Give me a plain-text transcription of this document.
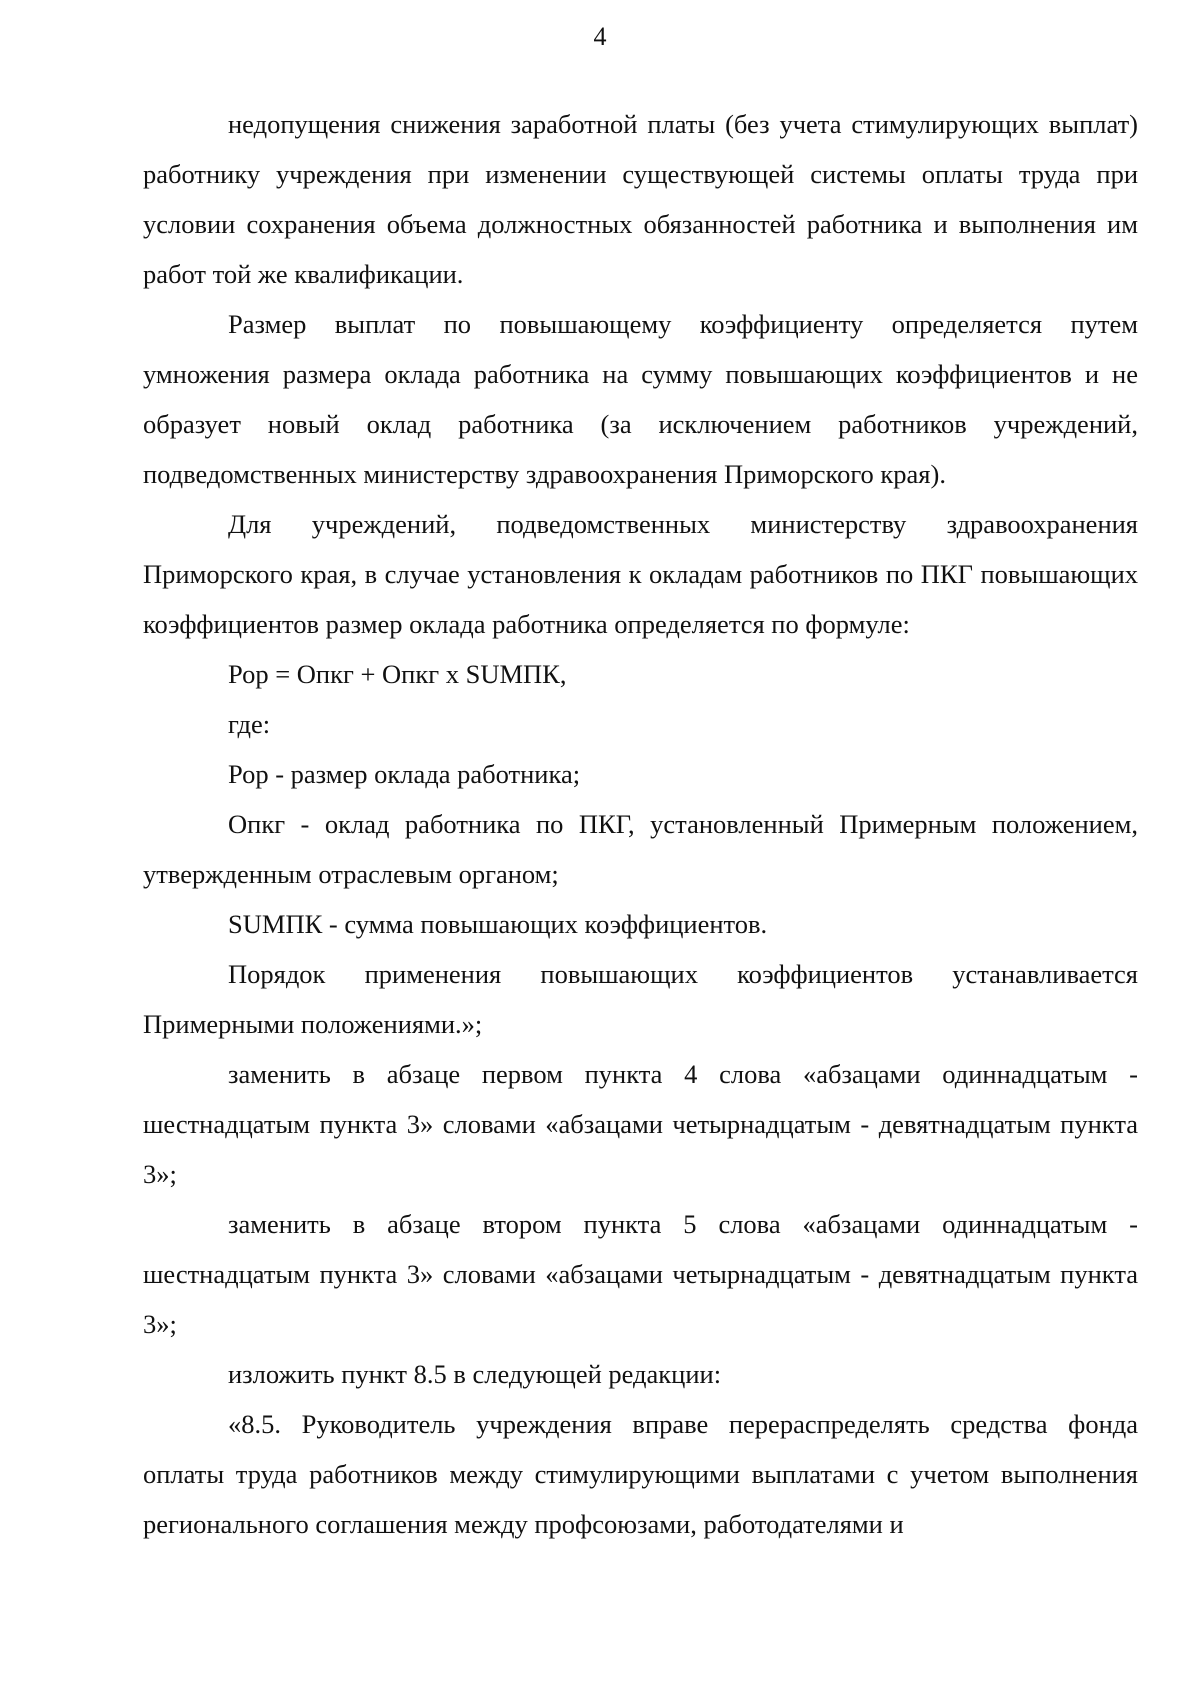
4

недопущения снижения заработной платы (без учета стимулирующих выплат) работнику учреждения при изменении существующей системы оплаты труда при условии сохранения объема должностных обязанностей работника и выполнения им работ той же квалификации.

Размер выплат по повышающему коэффициенту определяется путем умножения размера оклада работника на сумму повышающих коэффициентов и не образует новый оклад работника (за исключением работников учреждений, подведомственных министерству здравоохранения Приморского края).

Для учреждений, подведомственных министерству здравоохранения Приморского края, в случае установления к окладам работников по ПКГ повышающих коэффициентов размер оклада работника определяется по формуле:

Рор = Опкг + Опкг х SUMПК,

где:

Рор - размер оклада работника;

Опкг - оклад работника по ПКГ, установленный Примерным положением, утвержденным отраслевым органом;

SUMПК - сумма повышающих коэффициентов.

Порядок применения повышающих коэффициентов устанавливается Примерными положениями.»;

заменить в абзаце первом пункта 4 слова «абзацами одиннадцатым - шестнадцатым пункта 3» словами «абзацами четырнадцатым - девятнадцатым пункта 3»;

заменить в абзаце втором пункта 5 слова «абзацами одиннадцатым - шестнадцатым пункта 3» словами «абзацами четырнадцатым - девятнадцатым пункта 3»;

изложить пункт 8.5 в следующей редакции:

«8.5. Руководитель учреждения вправе перераспределять средства фонда оплаты труда работников между стимулирующими выплатами с учетом выполнения регионального соглашения между профсоюзами, работодателями и
